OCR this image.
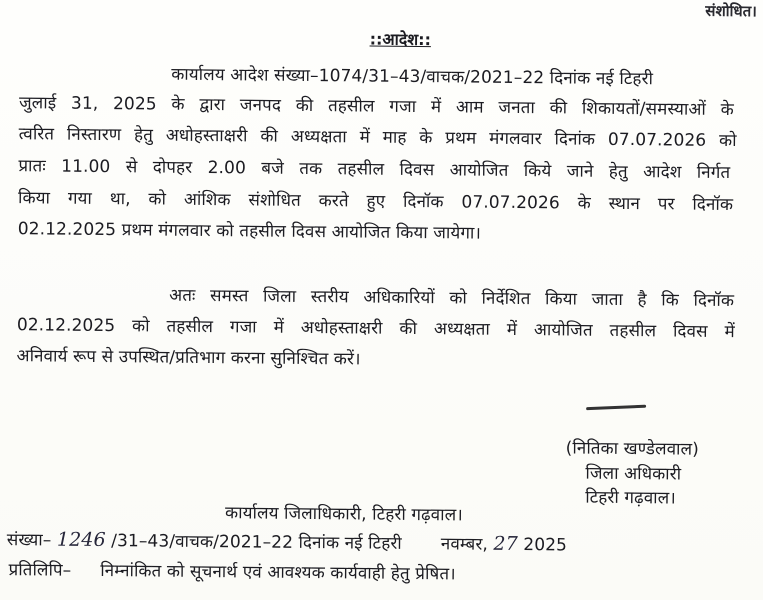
संशोधित।
::आदेश::
कार्यालय आदेश संख्या–1074/31–43/वाचक/2021–22 दिनांक नई टिहरी
जुलाई 31, 2025 के द्वारा जनपद की तहसील गजा में आम जनता की शिकायतों/समस्याओं के
त्वरित निस्तारण हेतु अधोहस्ताक्षरी की अध्यक्षता में माह के प्रथम मंगलवार दिनांक 07.07.2026 को
प्रातः 11.00 से दोपहर 2.00 बजे तक तहसील दिवस आयोजित किये जाने हेतु आदेश निर्गत
किया गया था, को आंशिक संशोधित करते हुए दिनॉक 07.07.2026 के स्थान पर दिनॉक
02.12.2025 प्रथम मंगलवार को तहसील दिवस आयोजित किया जायेगा।
अतः समस्त जिला स्तरीय अधिकारियों को निर्देशित किया जाता है कि दिनॉक
02.12.2025 को तहसील गजा में अधोहस्ताक्षरी की अध्यक्षता में आयोजित तहसील दिवस में
अनिवार्य रूप से उपस्थित/प्रतिभाग करना सुनिश्चित करें।
(नितिका खण्डेलवाल)
जिला अधिकारी
टिहरी गढ़वाल।
कार्यालय जिलाधिकारी, टिहरी गढ़वाल।
संख्या– 1246 /31–43/वाचक/2021–22 दिनांक नई टिहरी नवम्बर, 27 2025
प्रतिलिपि– निम्नांकित को सूचनार्थ एवं आवश्यक कार्यवाही हेतु प्रेषित।
